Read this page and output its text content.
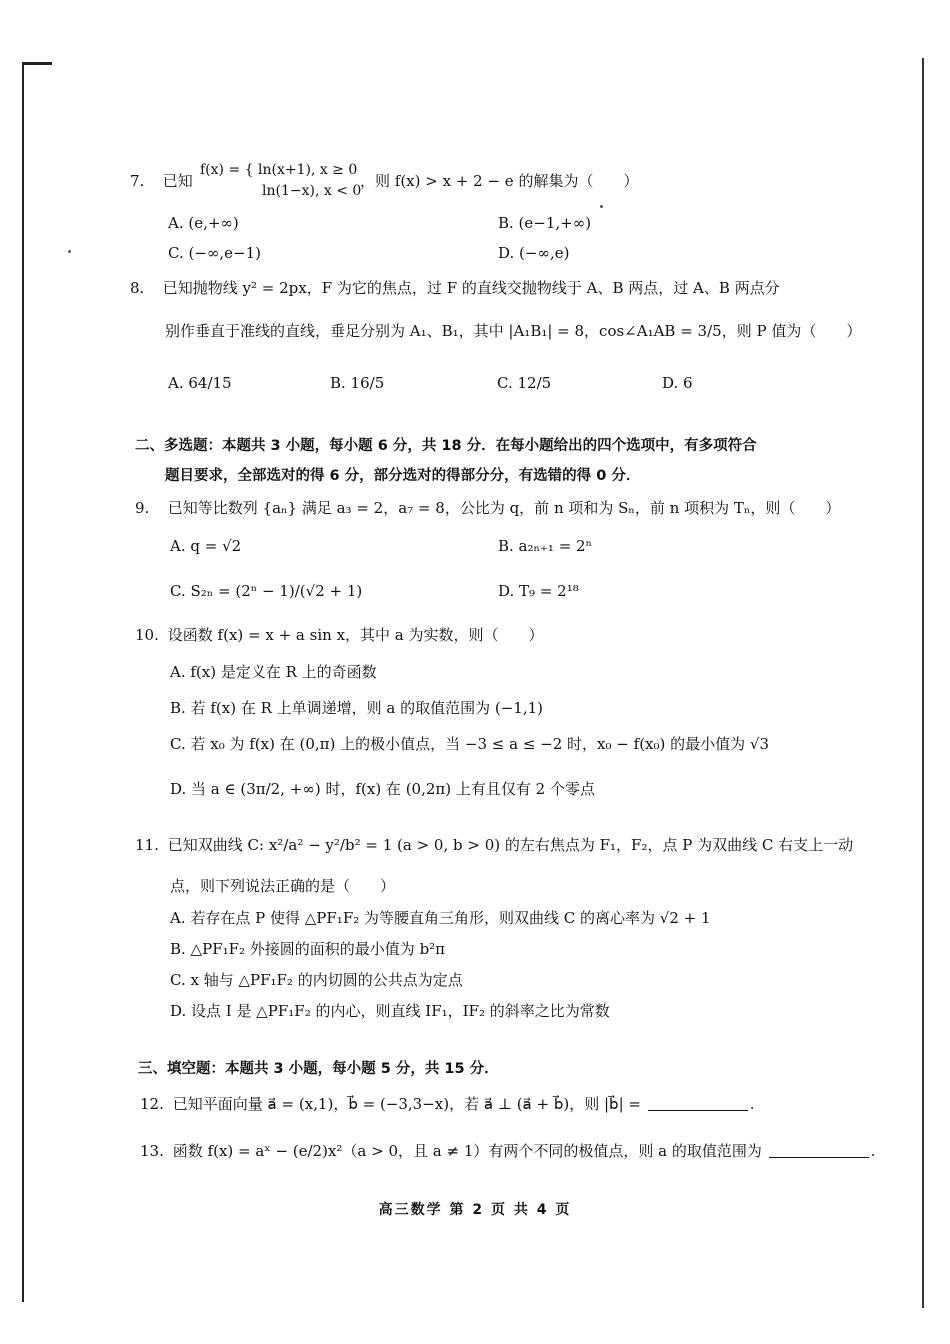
7. 已知
f(x) = { ln(x+1), x ≥ 0
ln(1−x), x < 0
，则 f(x) > x + 2 − e 的解集为（　　）
A. (e,+∞)	B. (e−1,+∞)
C. (−∞,e−1)	D. (−∞,e)
8. 已知抛物线 y² = 2px，F 为它的焦点，过 F 的直线交抛物线于 A、B 两点，过 A、B 两点分
别作垂直于准线的直线，垂足分别为 A₁、B₁，其中 |A₁B₁| = 8，cos∠A₁AB = 3/5，则 P 值为（　　）
A. 64/15	B. 16/5	C. 12/5	D. 6
二、多选题：本题共 3 小题，每小题 6 分，共 18 分．在每小题给出的四个选项中，有多项符合
题目要求，全部选对的得 6 分，部分选对的得部分分，有选错的得 0 分．
9. 已知等比数列 {aₙ} 满足 a₃ = 2，a₇ = 8，公比为 q，前 n 项和为 Sₙ，前 n 项积为 Tₙ，则（　　）
A. q = √2	B. a₂ₙ₊₁ = 2ⁿ
C. S₂ₙ = (2ⁿ − 1)/(√2 + 1)	D. T₉ = 2¹⁸
10. 设函数 f(x) = x + a sin x，其中 a 为实数，则（　　）
A. f(x) 是定义在 R 上的奇函数
B. 若 f(x) 在 R 上单调递增，则 a 的取值范围为 (−1,1)
C. 若 x₀ 为 f(x) 在 (0,π) 上的极小值点，当 −3 ≤ a ≤ −2 时，x₀ − f(x₀) 的最小值为 √3
D. 当 a ∈ (3π/2, +∞) 时，f(x) 在 (0,2π) 上有且仅有 2 个零点
11. 已知双曲线 C: x²/a² − y²/b² = 1 (a > 0, b > 0) 的左右焦点为 F₁，F₂，点 P 为双曲线 C 右支上一动
点，则下列说法正确的是（　　）
A. 若存在点 P 使得 △PF₁F₂ 为等腰直角三角形，则双曲线 C 的离心率为 √2 + 1
B. △PF₁F₂ 外接圆的面积的最小值为 b²π
C. x 轴与 △PF₁F₂ 的内切圆的公共点为定点
D. 设点 I 是 △PF₁F₂ 的内心，则直线 IF₁，IF₂ 的斜率之比为常数
三、填空题：本题共 3 小题，每小题 5 分，共 15 分．
12. 已知平面向量 a⃗ = (x,1)，b⃗ = (−3,3−x)，若 a⃗ ⊥ (a⃗ + b⃗)，则 |b⃗| =	.
13. 函数 f(x) = aˣ − (e/2)x²（a > 0，且 a ≠ 1）有两个不同的极值点，则 a 的取值范围为	.
高三数学 第 2 页 共 4 页
